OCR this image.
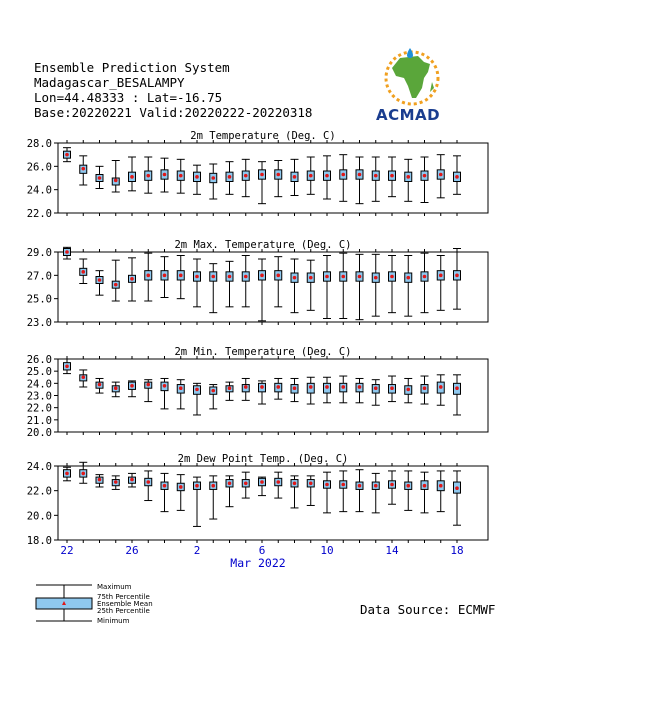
Ensemble Prediction System
Madagascar_BESALAMPY
Lon=44.48333 : Lat=-16.75
Base:20220221 Valid:20220222-20220318	ACMAD
2m Temperature (Deg. C)
22.0
24.0
26.0
28.0
2m Max. Temperature (Deg. C)
23.0
25.0
27.0
29.0
2m Min. Temperature (Deg. C)
20.0
21.0
22.0
23.0
24.0
25.0
26.0
2m Dew Point Temp. (Deg. C)
18.0
20.0
22.0
24.0
22	26	2	6	10	14	18
Mar 2022
Maximum
75th Percentile
Ensemble Mean
25th Percentile
Minimum
Data Source: ECMWF
